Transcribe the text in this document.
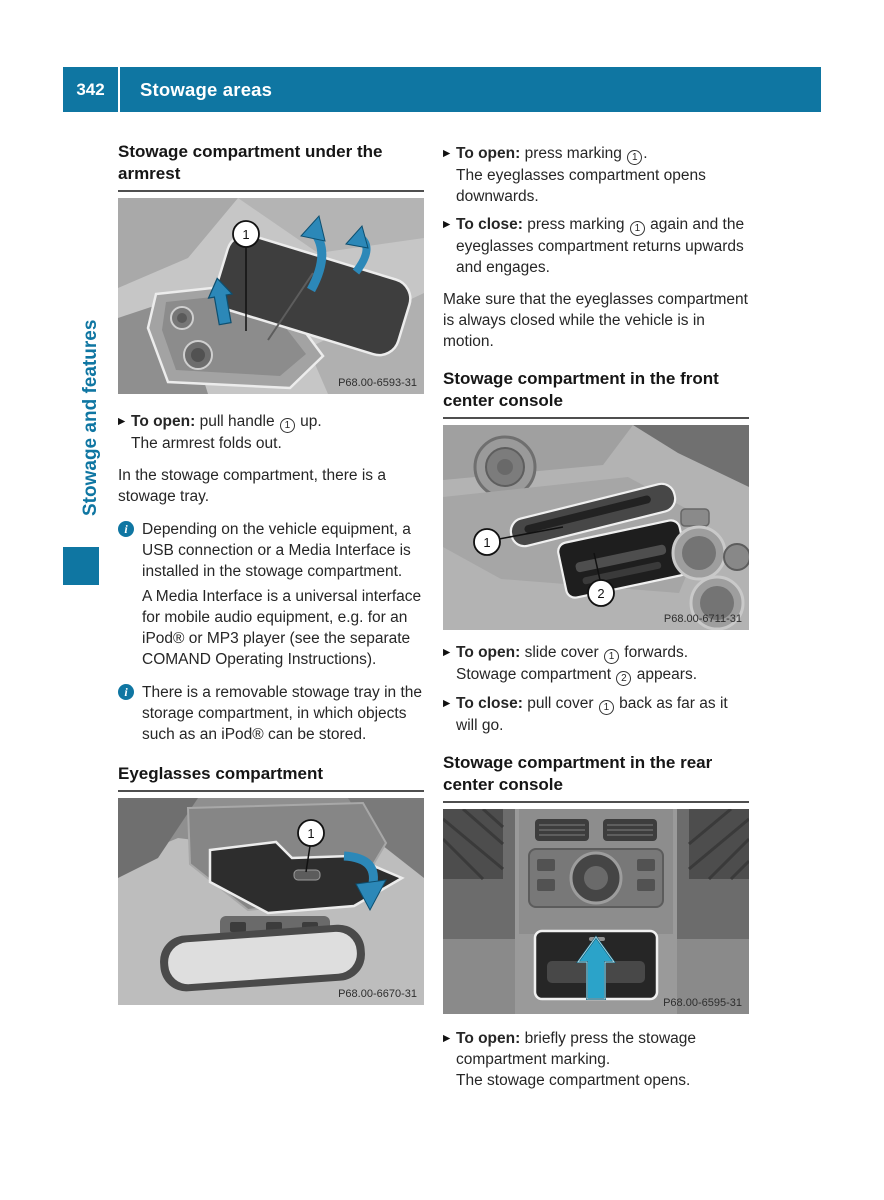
342	Stowage areas
Stowage and features
Stowage compartment under the armrest
1
P68.00-6593-31
▶ To open: pull handle 1 up.
The armrest folds out.
In the stowage compartment, there is a stowage tray.
i Depending on the vehicle equipment, a USB connection or a Media Interface is installed in the stowage compartment.
A Media Interface is a universal interface for mobile audio equipment, e.g. for an iPod® or MP3 player (see the separate COMAND Operating Instructions).
i There is a removable stowage tray in the storage compartment, in which objects such as an iPod® can be stored.
Eyeglasses compartment
1
P68.00-6670-31
▶ To open: press marking 1 .
The eyeglasses compartment opens downwards.
▶ To close: press marking 1 again and the eyeglasses compartment returns upwards and engages.
Make sure that the eyeglasses compartment is always closed while the vehicle is in motion.
Stowage compartment in the front center console
1
2
P68.00-6711-31
▶ To open: slide cover 1 forwards.
Stowage compartment 2 appears.
▶ To close: pull cover 1 back as far as it will go.
Stowage compartment in the rear center console
P68.00-6595-31
▶ To open: briefly press the stowage compartment marking.
The stowage compartment opens.
